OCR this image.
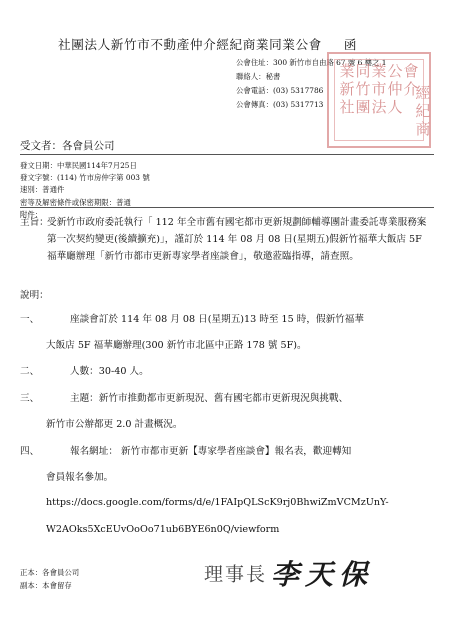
社團法人新竹市不動產仲介經紀商業同業公會 函
公會住址：300 新竹市自由路 67 號 6 樓之 1
聯絡人：秘書
公會電話：(03) 5317786
公會傳真：(03) 5317713
業新社
同竹團
業市法
公仲人
會介
經紀商
受文者：各會員公司
發文日期：中華民國114年7月25日
發文字號：(114) 竹市房仲字第 003 號
速別：普通件
密等及解密條件或保密期限：普通
附件：
主旨：
受新竹市政府委託執行「 112 年全市舊有國宅都市更新規劃師輔導團計畫委託專業服務案第一次契約變更(後續擴充)」，謹訂於 114 年 08 月 08 日(星期五)假新竹福華大飯店 5F 福華廳辦理「新竹市都市更新專家學者座談會」，敬邀蒞臨指導，請查照。
說明：
一、	座談會訂於 114 年 08 月 08 日(星期五)13 時至 15 時，假新竹福華
大飯店 5F 福華廳辦理(300 新竹市北區中正路 178 號 5F)。
二、	人數：30-40 人。
三、	主題：新竹市推動都市更新現況、舊有國宅都市更新現況與挑戰、
新竹市公辦都更 2.0 計畫概況。
四、	報名網址： 新竹市都市更新【專家學者座談會】報名表，歡迎轉知
會員報名參加。
https://docs.google.com/forms/d/e/1FAIpQLScK9rj0BhwiZmVCMzUnY-
W2AOks5XcEUvOoOo71ub6BYE6n0Q/viewform
正本：各會員公司
副本：本會留存	理事長 李天保
